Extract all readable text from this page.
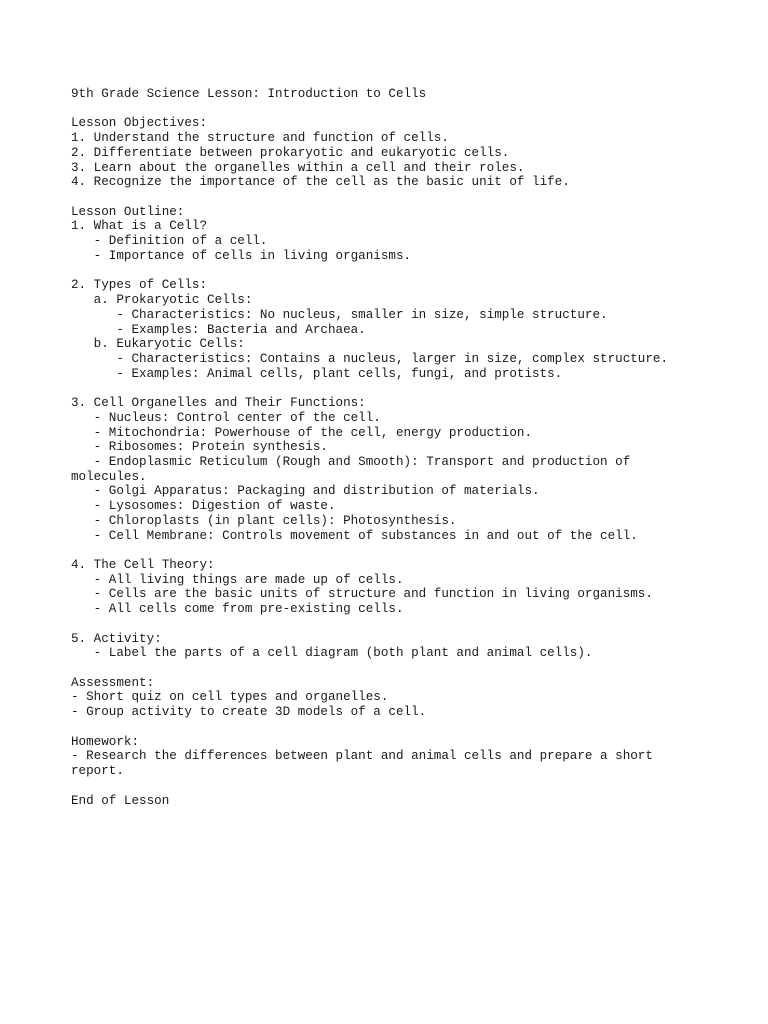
9th Grade Science Lesson: Introduction to Cells
Lesson Objectives:
1. Understand the structure and function of cells.
2. Differentiate between prokaryotic and eukaryotic cells.
3. Learn about the organelles within a cell and their roles.
4. Recognize the importance of the cell as the basic unit of life.
Lesson Outline:
1. What is a Cell?
- Definition of a cell.
- Importance of cells in living organisms.
2. Types of Cells:
a. Prokaryotic Cells:
- Characteristics: No nucleus, smaller in size, simple structure.
- Examples: Bacteria and Archaea.
b. Eukaryotic Cells:
- Characteristics: Contains a nucleus, larger in size, complex structure.
- Examples: Animal cells, plant cells, fungi, and protists.
3. Cell Organelles and Their Functions:
- Nucleus: Control center of the cell.
- Mitochondria: Powerhouse of the cell, energy production.
- Ribosomes: Protein synthesis.
- Endoplasmic Reticulum (Rough and Smooth): Transport and production of
molecules.
- Golgi Apparatus: Packaging and distribution of materials.
- Lysosomes: Digestion of waste.
- Chloroplasts (in plant cells): Photosynthesis.
- Cell Membrane: Controls movement of substances in and out of the cell.
4. The Cell Theory:
- All living things are made up of cells.
- Cells are the basic units of structure and function in living organisms.
- All cells come from pre-existing cells.
5. Activity:
- Label the parts of a cell diagram (both plant and animal cells).
Assessment:
- Short quiz on cell types and organelles.
- Group activity to create 3D models of a cell.
Homework:
- Research the differences between plant and animal cells and prepare a short
report.
End of Lesson
